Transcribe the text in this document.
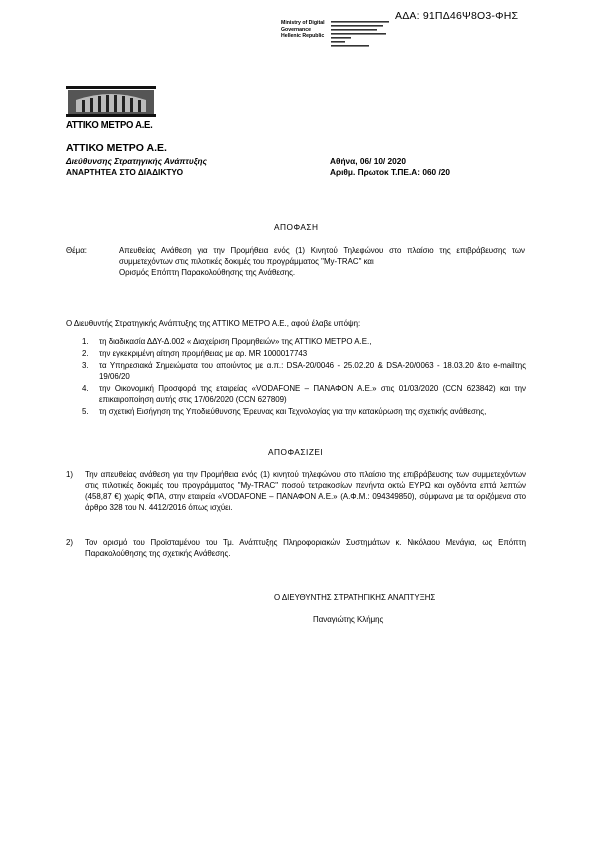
ΑΔΑ: 91ΠΔ46Ψ8Ο3-ΦΗΣ
Ministry of Digital
Governance
Hellenic Republic
ΑΤΤΙΚΟ ΜΕΤΡΟ Α.Ε.
ΑΤΤΙΚΟ ΜΕΤΡΟ Α.Ε.
Διεύθυνσης Στρατηγικής Ανάπτυξης
ΑΝΑΡΤΗΤΕΑ ΣΤΟ ΔΙΑΔΙΚΤΥΟ
Αθήνα, 06/ 10/ 2020
Αριθμ. Πρωτοκ Τ.ΠΕ.Α: 060 /20
ΑΠΟΦΑΣΗ
Θέμα:	Απευθείας Ανάθεση για την Προμήθεια ενός (1) Κινητού Τηλεφώνου στο πλαίσιο της επιβράβευσης των συμμετεχόντων στις πιλοτικές δοκιμές του προγράμματος "My-TRAC" και
Ορισμός Επόπτη Παρακολούθησης της Ανάθεσης.
Ο Διευθυντής Στρατηγικής Ανάπτυξης της ΑΤΤΙΚΟ ΜΕΤΡΟ Α.Ε., αφού έλαβε υπόψη:
1. τη διαδικασία ΔΔΥ-Δ.002 « Διαχείριση Προμηθειών» της ΑΤΤΙΚΟ ΜΕΤΡΟ Α.Ε.,
2. την εγκεκριμένη αίτηση προμήθειας με αρ. MR 1000017743
3. τα Υπηρεσιακά Σημειώματα του αποιύντος με α.π.: DSA-20/0046 - 25.02.20 & DSA-20/0063 - 18.03.20 &το e-mailτης 19/06/20
4. την Οικονομική Προσφορά της εταιρείας «VODAFONE – ΠΑΝΑΦΟΝ Α.Ε.» στις 01/03/2020 (CCN 623842) και την επικαιροποίηση αυτής στις 17/06/2020 (CCN 627809)
5. τη σχετική Εισήγηση της Υποδιεύθυνσης Έρευνας και Τεχνολογίας για την κατακύρωση της σχετικής ανάθεσης,
ΑΠΟΦΑΣΙΖΕΙ
1) Την απευθείας ανάθεση για την Προμήθεια ενός (1) κινητού τηλεφώνου στο πλαίσιο της επιβράβευσης των συμμετεχόντων στις πιλοτικές δοκιμές του προγράμματος "My-TRAC" ποσού τετρακοσίων πενήντα οκτώ ΕΥΡΩ και ογδόντα επτά λεπτών (458,87 €) χωρίς ΦΠΑ, στην εταιρεία «VODAFONE – ΠΑΝΑΦΟΝ Α.Ε.» (Α.Φ.Μ.: 094349850), σύμφωνα με τα οριζόμενα στο άρθρο 328 του Ν. 4412/2016 όπως ισχύει.
2) Τον ορισμό του Προϊσταμένου του Τμ. Ανάπτυξης Πληροφοριακών Συστημάτων κ. Νικόλαου Μενάγια, ως Επόπτη Παρακολούθησης της σχετικής Ανάθεσης.
Ο ΔΙΕΥΘΥΝΤΗΣ ΣΤΡΑΤΗΓΙΚΗΣ ΑΝΑΠΤΥΞΗΣ
Παναγιώτης Κλήμης
